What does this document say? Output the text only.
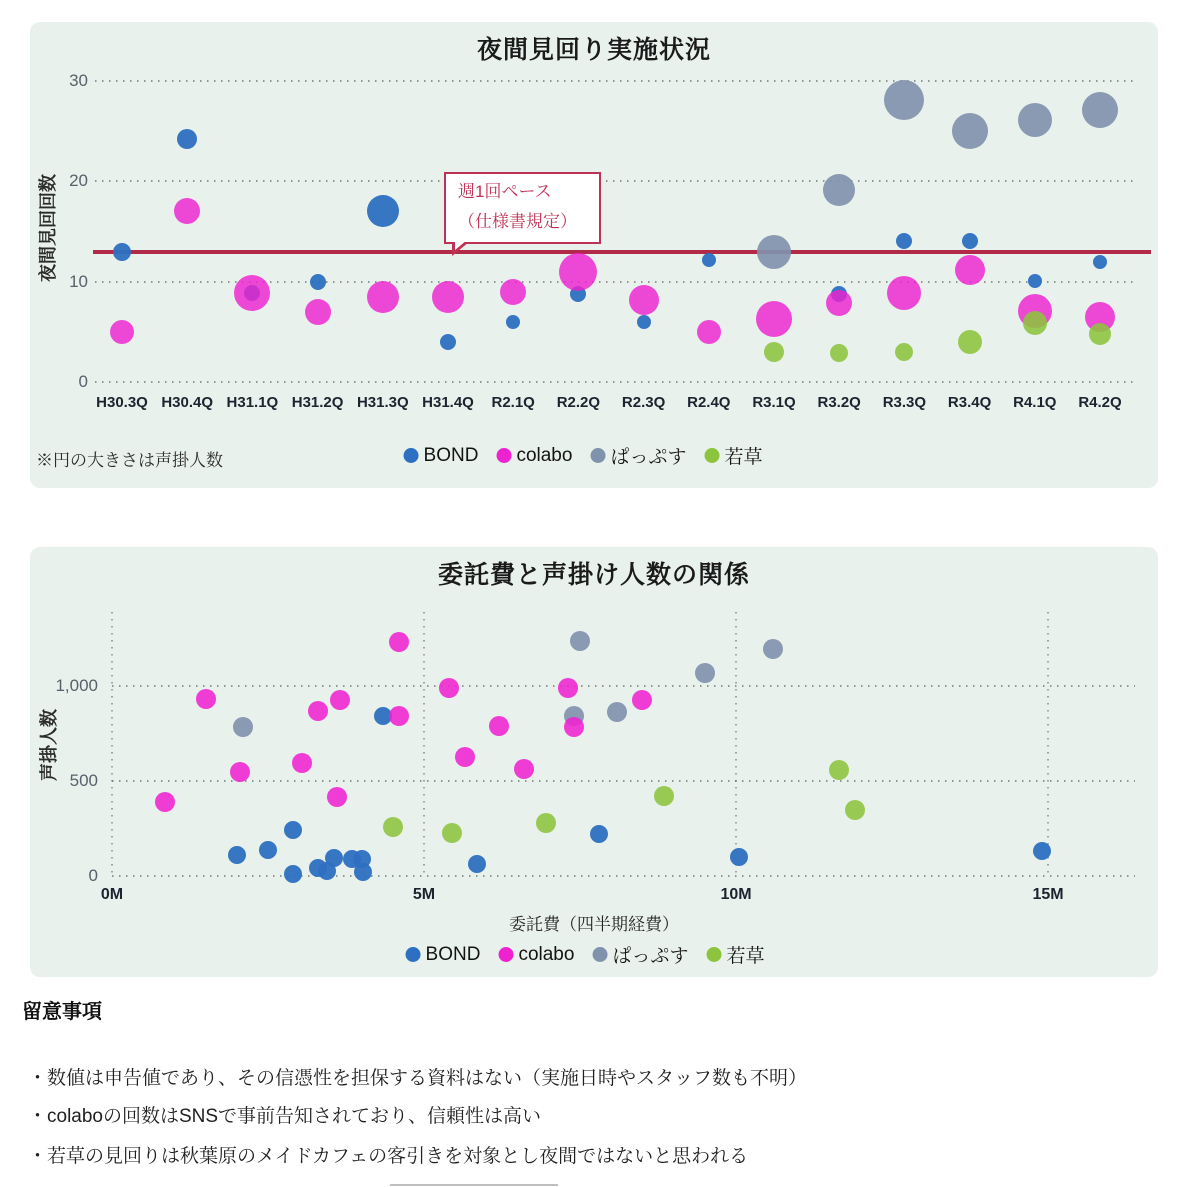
夜間見回り実施状況
夜間見回回数
30
20
10
0
H30.3Q H30.4Q H31.1Q H31.2Q H31.3Q H31.4Q	R2.1Q	R2.2Q	R2.3Q	R2.4Q	R3.1Q	R3.2Q	R3.3Q	R3.4Q	R4.1Q	R4.2Q
週1回ペース
（仕様書規定）
※円の大きさは声掛人数	BOND colabo ぱっぷす 若草
委託費と声掛け人数の関係
声掛人数
1,000
500
0
0M	5M	10M	15M
委託費（四半期経費）
BOND colabo ぱっぷす 若草
留意事項
・数値は申告値であり、その信憑性を担保する資料はない（実施日時やスタッフ数も不明）
・colaboの回数はSNSで事前告知されており、信頼性は高い
・若草の見回りは秋葉原のメイドカフェの客引きを対象とし夜間ではないと思われる
